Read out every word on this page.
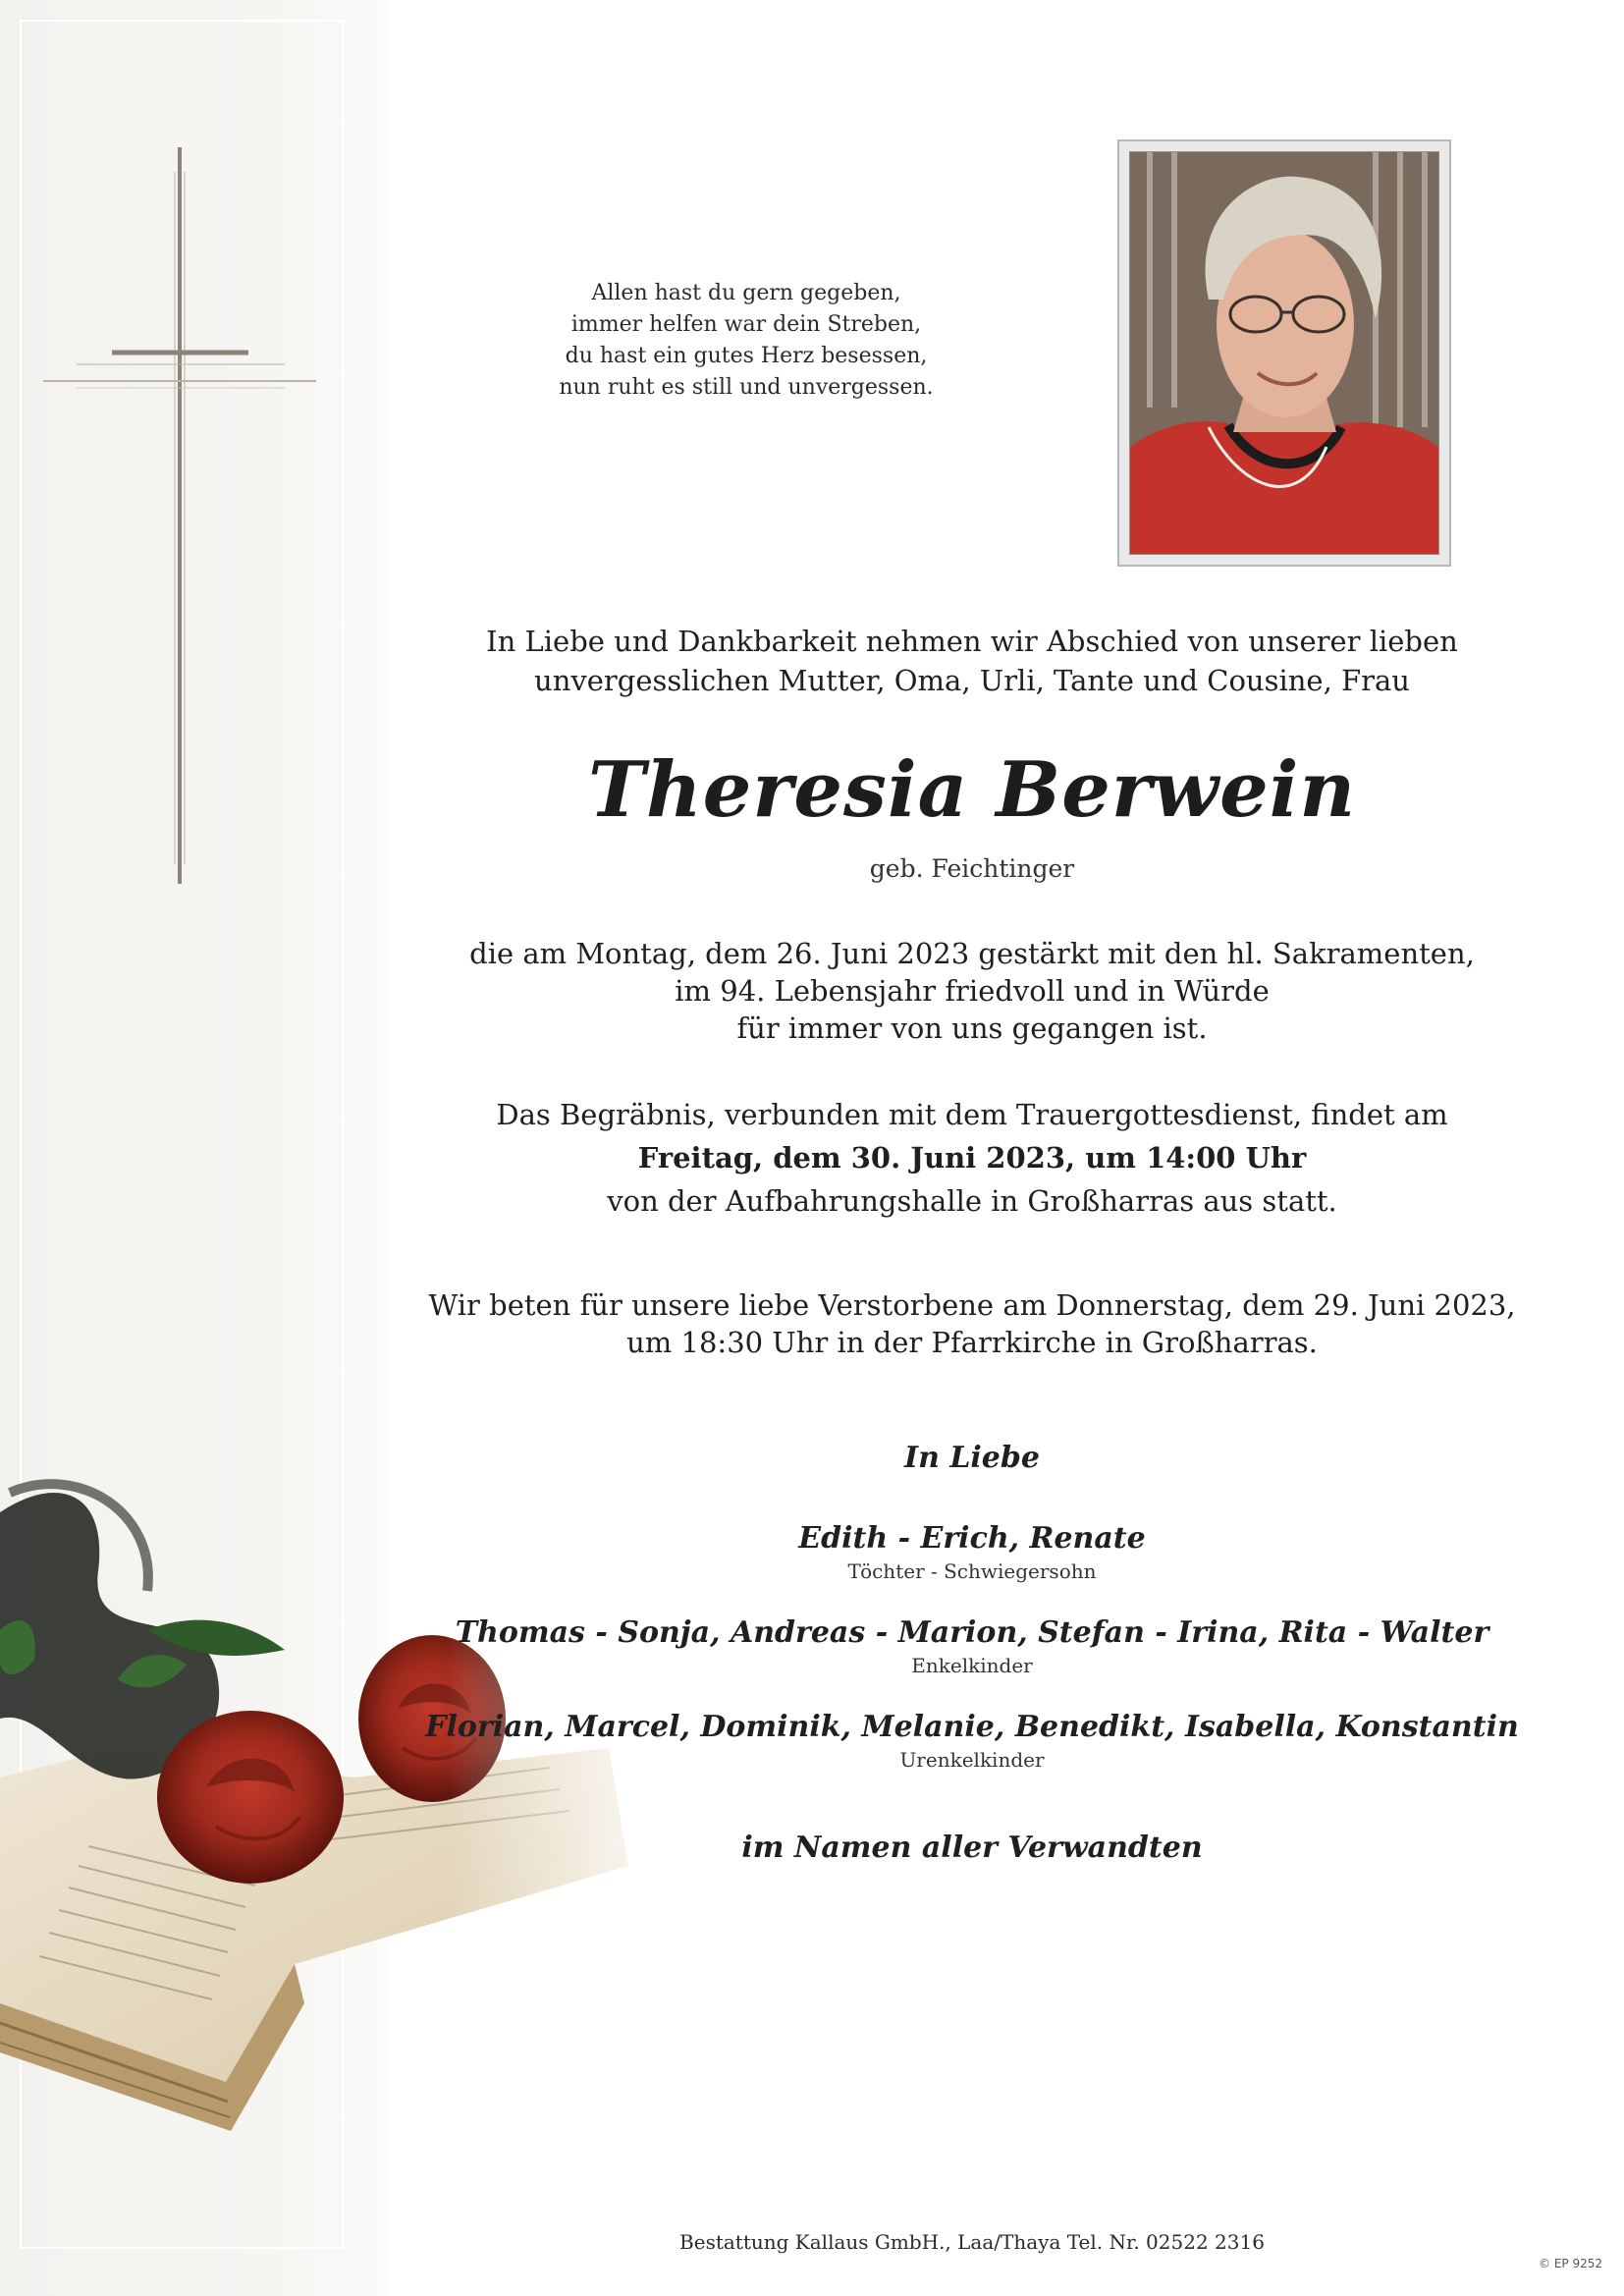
Allen hast du gern gegeben,
immer helfen war dein Streben,
du hast ein gutes Herz besessen,
nun ruht es still und unvergessen.
In Liebe und Dankbarkeit nehmen wir Abschied von unserer lieben
unvergesslichen Mutter, Oma, Urli, Tante und Cousine, Frau
Theresia Berwein
geb. Feichtinger
die am Montag, dem 26. Juni 2023 gestärkt mit den hl. Sakramenten,
im 94. Lebensjahr friedvoll und in Würde
für immer von uns gegangen ist.
Das Begräbnis, verbunden mit dem Trauergottesdienst, findet am
Freitag, dem 30. Juni 2023, um 14:00 Uhr
von der Aufbahrungshalle in Großharras aus statt.
Wir beten für unsere liebe Verstorbene am Donnerstag, dem 29. Juni 2023,
um 18:30 Uhr in der Pfarrkirche in Großharras.
In Liebe
Edith - Erich, Renate
Töchter - Schwiegersohn
Thomas - Sonja, Andreas - Marion, Stefan - Irina, Rita - Walter
Enkelkinder
Florian, Marcel, Dominik, Melanie, Benedikt, Isabella, Konstantin
Urenkelkinder
im Namen aller Verwandten
Bestattung Kallaus GmbH., Laa/Thaya Tel. Nr. 02522 2316
© EP 9252
